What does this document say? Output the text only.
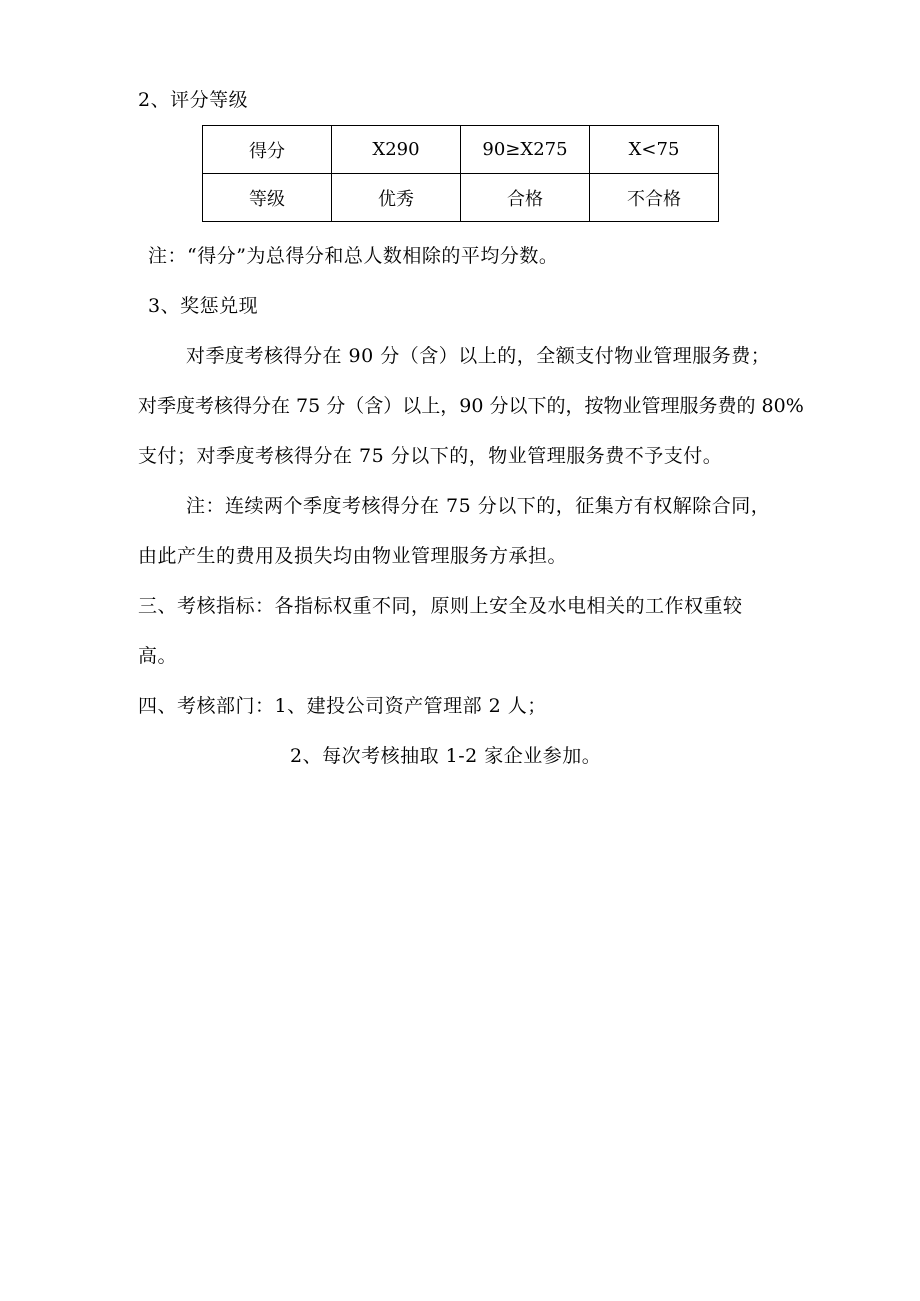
2、评分等级
得分	X290	90≥X275	X<75
等级	优秀	合格	不合格
注：“得分”为总得分和总人数相除的平均分数。
3、奖惩兑现
对季度考核得分在 90 分（含）以上的，全额支付物业管理服务费；
对季度考核得分在 75 分（含）以上，90 分以下的，按物业管理服务费的 80%
支付；对季度考核得分在 75 分以下的，物业管理服务费不予支付。
注：连续两个季度考核得分在 75 分以下的，征集方有权解除合同，
由此产生的费用及损失均由物业管理服务方承担。
三、考核指标：各指标权重不同，原则上安全及水电相关的工作权重较
高。
四、考核部门：1、建投公司资产管理部 2 人；
2、每次考核抽取 1-2 家企业参加。
